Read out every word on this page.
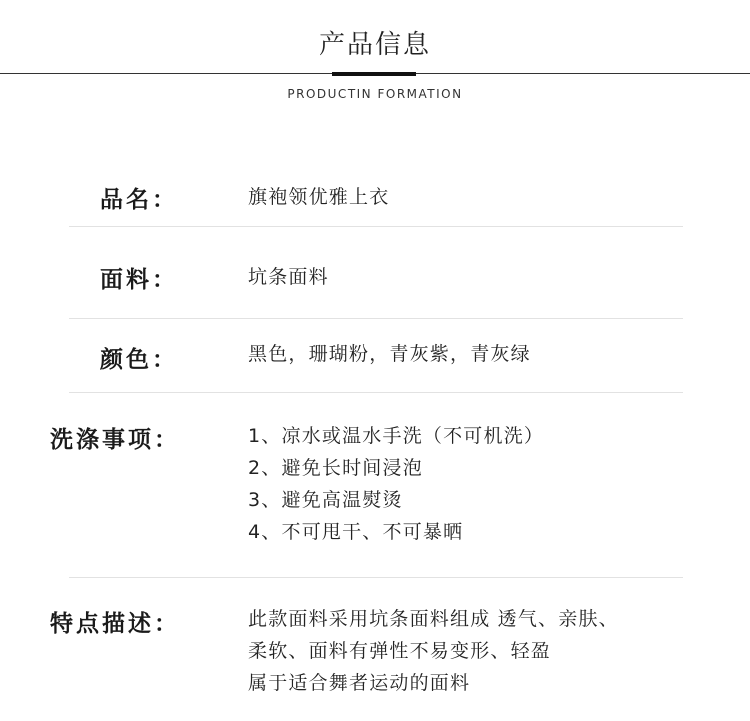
产品信息
PRODUCTIN FORMATION
品名：	旗袍领优雅上衣
面料：	坑条面料
颜色：	黑色，珊瑚粉，青灰紫，青灰绿
洗涤事项：	1、凉水或温水手洗（不可机洗）
2、避免长时间浸泡
3、避免高温熨烫
4、不可甩干、不可暴晒
特点描述：	此款面料采用坑条面料组成 透气、亲肤、
柔软、面料有弹性不易变形、轻盈
属于适合舞者运动的面料
